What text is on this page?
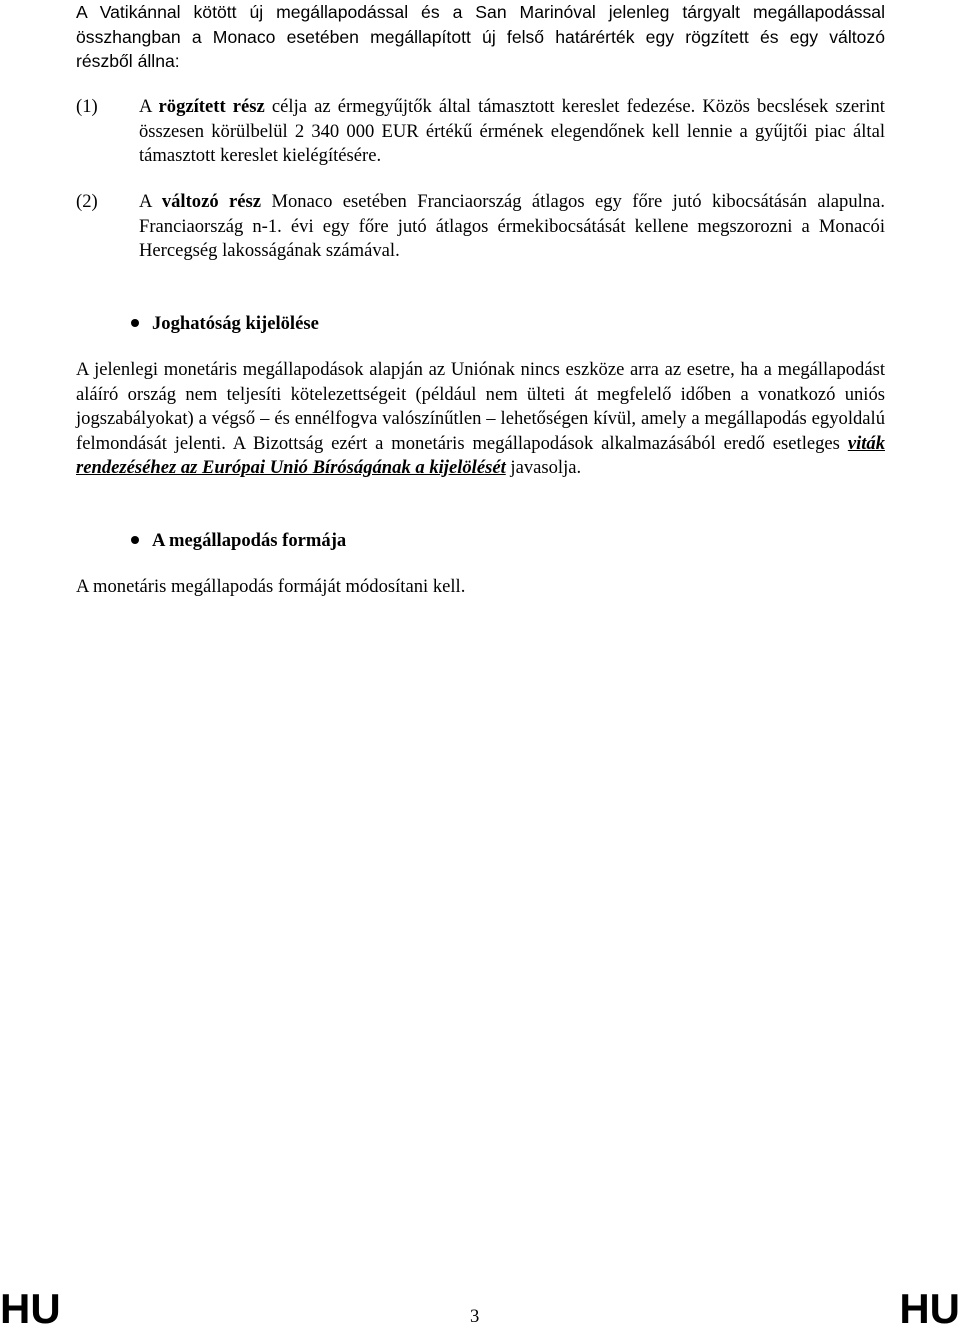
A Vatikánnal kötött új megállapodással és a San Marinóval jelenleg tárgyalt megállapodással

összhangban a Monaco esetében megállapított új felső határérték egy rögzített és egy változó

részből állna:

(1) A rögzített rész célja az érmegyűjtők által támasztott kereslet fedezése. Közös becslések szerint összesen körülbelül 2 340 000 EUR értékű érmének elegendőnek kell lennie a gyűjtői piac által támasztott kereslet kielégítésére.
(2) A változó rész Monaco esetében Franciaország átlagos egy főre jutó kibocsátásán alapulna. Franciaország n-1. évi egy főre jutó átlagos érmekibocsátását kellene megszorozni a Monacói Hercegség lakosságának számával.
Joghatóság kijelölése
A jelenlegi monetáris megállapodások alapján az Uniónak nincs eszköze arra az esetre, ha a megállapodást aláíró ország nem teljesíti kötelezettségeit (például nem ülteti át megfelelő időben a vonatkozó uniós jogszabályokat) a végső – és ennélfogva valószínűtlen – lehetőségen kívül, amely a megállapodás egyoldalú felmondását jelenti. A Bizottság ezért a monetáris megállapodások alkalmazásából eredő esetleges viták rendezéséhez az Európai Unió Bíróságának a kijelölését javasolja.
A megállapodás formája
A monetáris megállapodás formáját módosítani kell.
HU	3	HU
